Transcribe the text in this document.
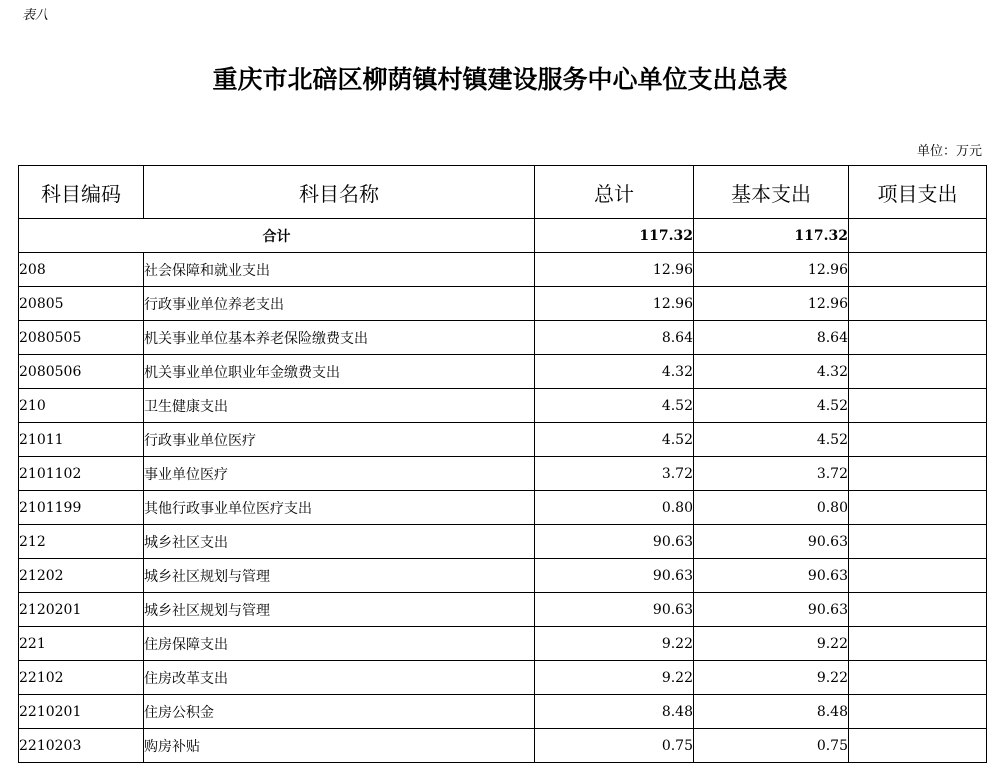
表八
重庆市北碚区柳荫镇村镇建设服务中心单位支出总表
单位：万元
科目编码	科目名称	总计	基本支出	项目支出
合计		117.32	117.32	
208	社会保障和就业支出	12.96	12.96	
20805	行政事业单位养老支出	12.96	12.96	
2080505	机关事业单位基本养老保险缴费支出	8.64	8.64	
2080506	机关事业单位职业年金缴费支出	4.32	4.32	
210	卫生健康支出	4.52	4.52	
21011	行政事业单位医疗	4.52	4.52	
2101102	事业单位医疗	3.72	3.72	
2101199	其他行政事业单位医疗支出	0.80	0.80	
212	城乡社区支出	90.63	90.63	
21202	城乡社区规划与管理	90.63	90.63	
2120201	城乡社区规划与管理	90.63	90.63	
221	住房保障支出	9.22	9.22	
22102	住房改革支出	9.22	9.22	
2210201	住房公积金	8.48	8.48	
2210203	购房补贴	0.75	0.75	
